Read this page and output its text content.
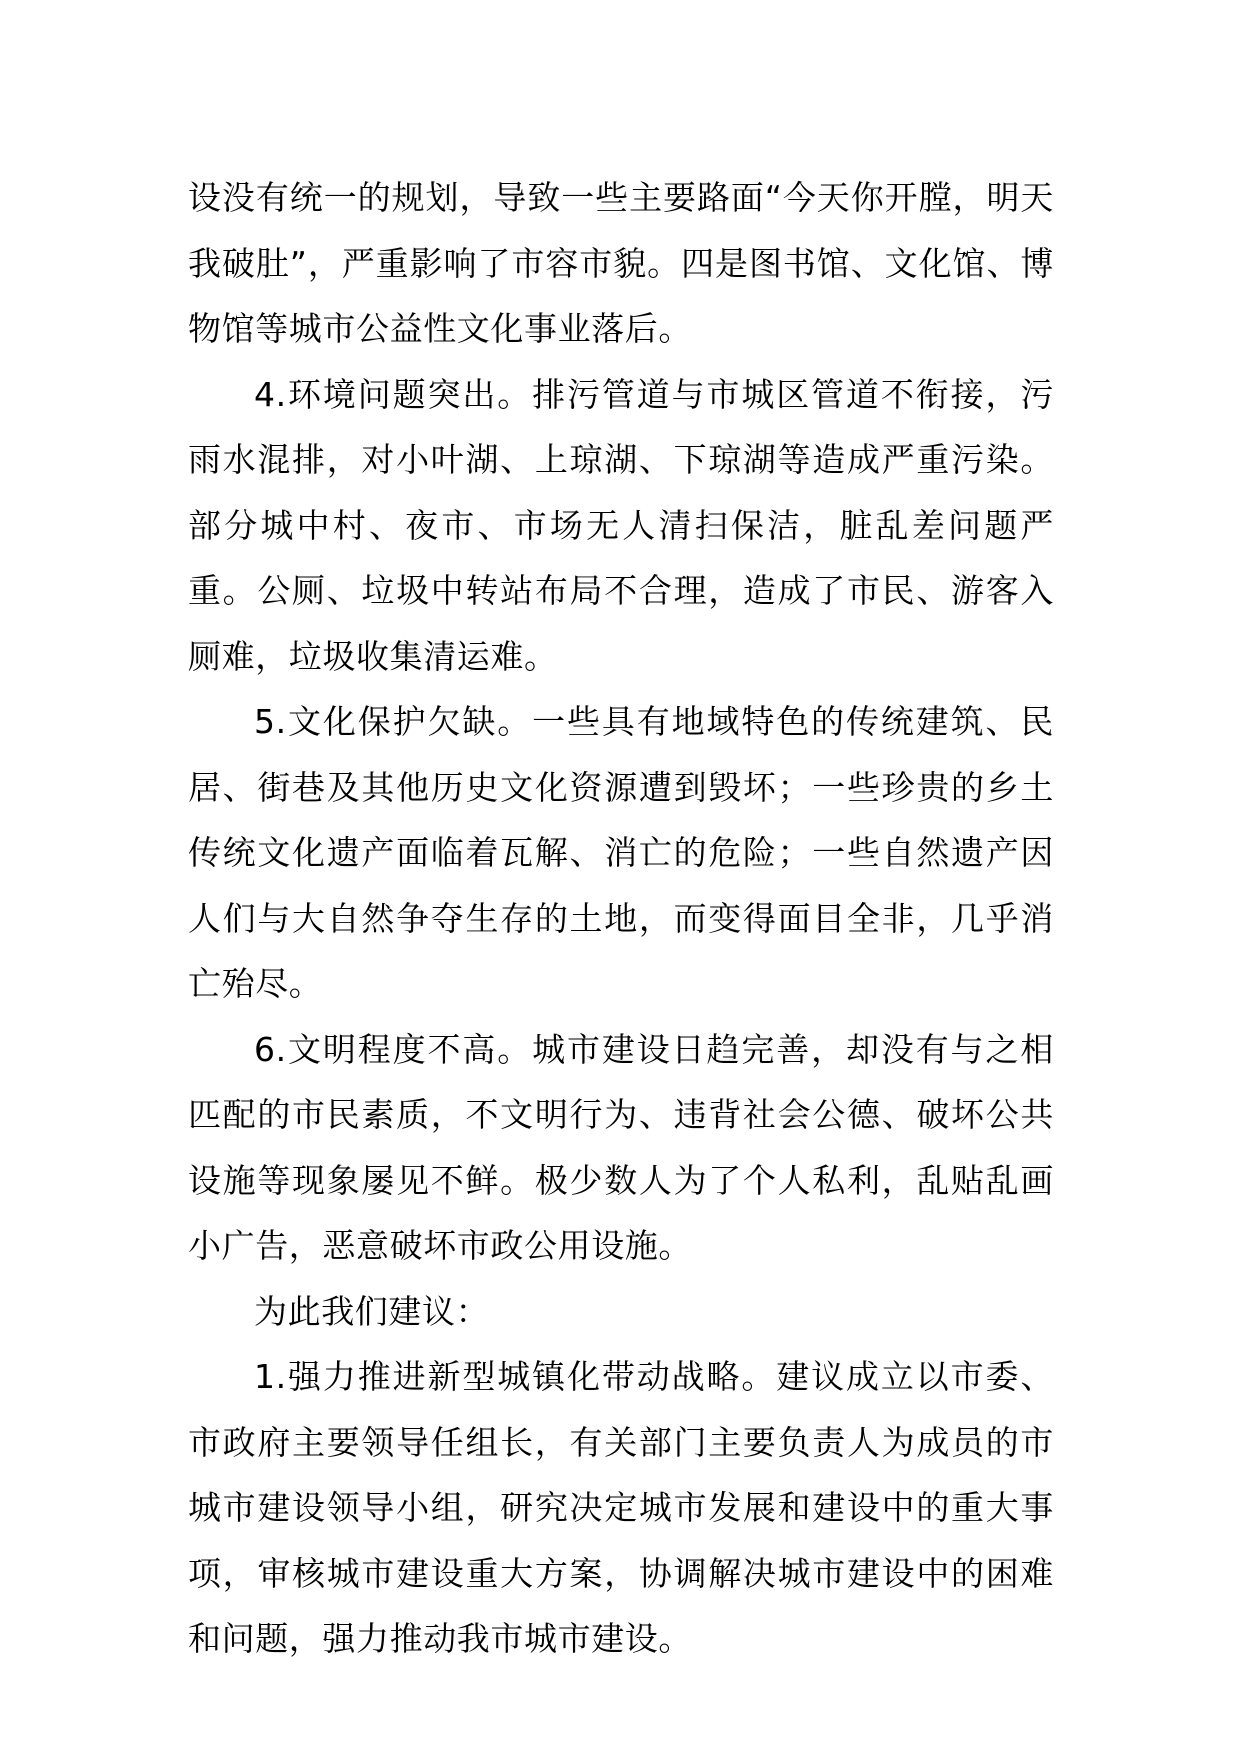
设没有统一的规划，导致一些主要路面“今天你开膛，明天我破肚”，严重影响了市容市貌。四是图书馆、文化馆、博物馆等城市公益性文化事业落后。

4.环境问题突出。排污管道与市城区管道不衔接，污雨水混排，对小叶湖、上琼湖、下琼湖等造成严重污染。部分城中村、夜市、市场无人清扫保洁，脏乱差问题严重。公厕、垃圾中转站布局不合理，造成了市民、游客入厕难，垃圾收集清运难。

5.文化保护欠缺。一些具有地域特色的传统建筑、民居、街巷及其他历史文化资源遭到毁坏；一些珍贵的乡土传统文化遗产面临着瓦解、消亡的危险；一些自然遗产因人们与大自然争夺生存的土地，而变得面目全非，几乎消亡殆尽。

6.文明程度不高。城市建设日趋完善，却没有与之相匹配的市民素质，不文明行为、违背社会公德、破坏公共设施等现象屡见不鲜。极少数人为了个人私利，乱贴乱画小广告，恶意破坏市政公用设施。

为此我们建议：

1.强力推进新型城镇化带动战略。建议成立以市委、市政府主要领导任组长，有关部门主要负责人为成员的市城市建设领导小组，研究决定城市发展和建设中的重大事项，审核城市建设重大方案，协调解决城市建设中的困难和问题，强力推动我市城市建设。
